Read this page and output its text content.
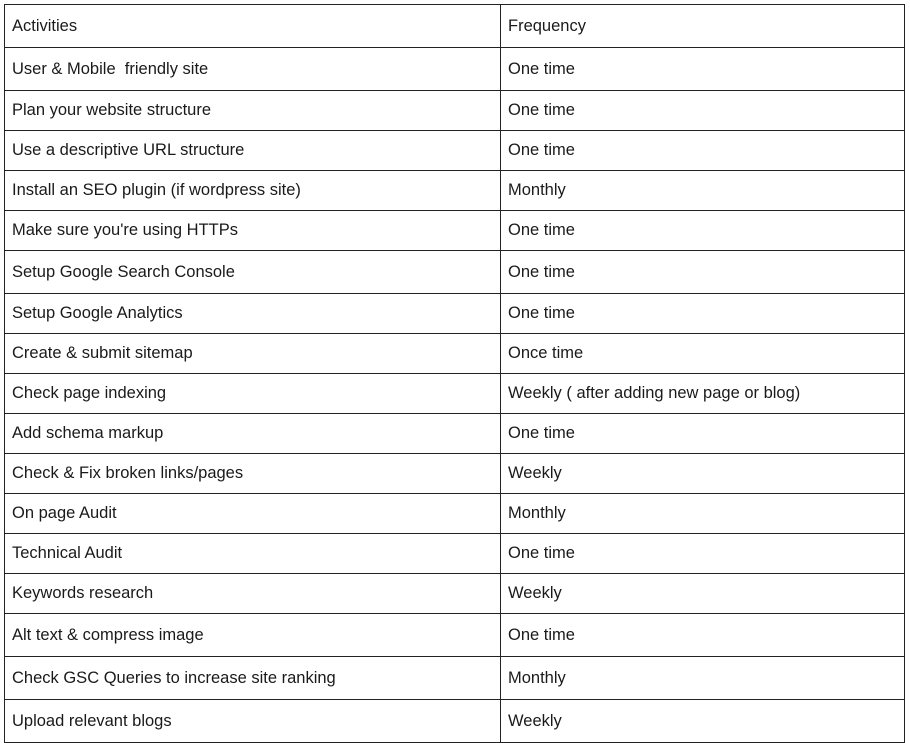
Activities	Frequency
User & Mobile  friendly site	One time
Plan your website structure	One time
Use a descriptive URL structure	One time
Install an SEO plugin (if wordpress site)	Monthly
Make sure you're using HTTPs	One time
Setup Google Search Console	One time
Setup Google Analytics	One time
Create & submit sitemap	Once time
Check page indexing	Weekly ( after adding new page or blog)
Add schema markup	One time
Check & Fix broken links/pages	Weekly
On page Audit	Monthly
Technical Audit	One time
Keywords research	Weekly
Alt text & compress image	One time
Check GSC Queries to increase site ranking	Monthly
Upload relevant blogs	Weekly
